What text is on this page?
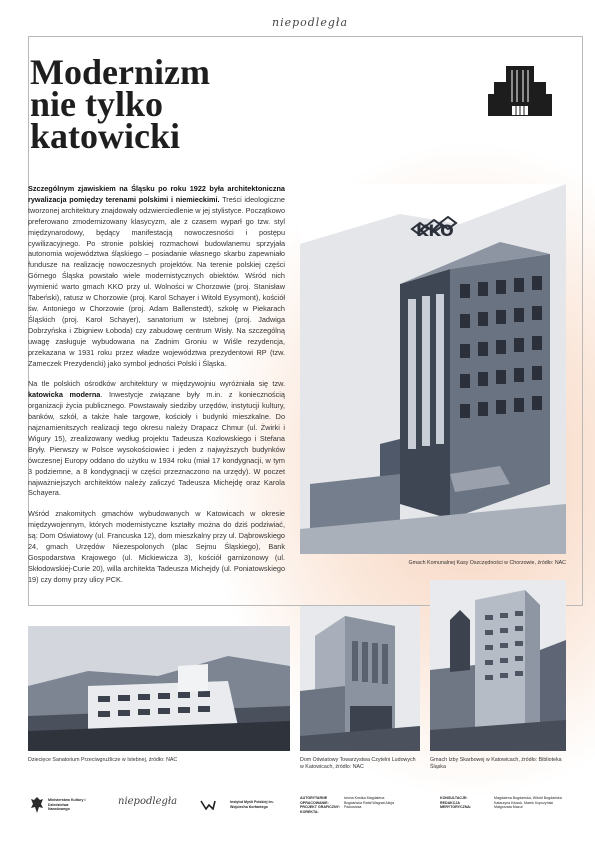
niepodległa
Modernizm
nie tylko
katowicki

Szczególnym zjawiskiem na Śląsku po roku 1922 była architektoniczna rywalizacja pomiędzy terenami polskimi i niemieckimi. Treści ideologiczne tworzonej architektury znajdowały odzwierciedlenie w jej stylistyce. Początkowo preferowano zmodernizowany klasycyzm, ale z czasem wyparł go tzw. styl międzynarodowy, będący manifestacją nowoczesności i postępu cywilizacyjnego. Po stronie polskiej rozmachowi budowlanemu sprzyjała autonomia województwa śląskiego – posiadanie własnego skarbu zapewniało fundusze na realizację nowoczesnych projektów. Na terenie polskiej części Górnego Śląska powstało wiele modernistycznych obiektów. Wśród nich wymienić warto gmach KKO przy ul. Wolności w Chorzowie (proj. Stanisław Tabeński), ratusz w Chorzowie (proj. Karol Schayer i Witold Eysymont), kościół św. Antoniego w Chorzowie (proj. Adam Ballenstedt), szkołę w Piekarach Śląskich (proj. Karol Schayer), sanatorium w Istebnej (proj. Jadwiga Dobrzyńska i Zbigniew Łoboda) czy zabudowę centrum Wisły. Na szczególną uwagę zasługuje wybudowana na Zadnim Groniu w Wiśle rezydencja, przekazana w 1931 roku przez władze województwa prezydentowi RP (tzw. Zameczek Prezydencki) jako symbol jedności Polski i Śląska.

Na tle polskich ośrodków architektury w międzywojniu wyróżniała się tzw. katowicka moderna. Inwestycje związane były m.in. z koniecznością organizacji życia publicznego. Powstawały siedziby urzędów, instytucji kultury, banków, szkół, a także hale targowe, kościoły i budynki mieszkalne. Do najznamienitszych realizacji tego okresu należy Drapacz Chmur (ul. Żwirki i Wigury 15), zrealizowany według projektu Tadeusza Kozłowskiego i Stefana Bryły. Pierwszy w Polsce wysokościowiec i jeden z najwyższych budynków ówczesnej Europy oddano do użytku w 1934 roku (miał 17 kondygnacji, w tym 3 podziemne, a 8 kondygnacji w części przeznaczono na urzędy). W poczet najważniejszych architektów należy zaliczyć Tadeusza Michejdę oraz Karola Schayera.

Wśród znakomitych gmachów wybudowanych w Katowicach w okresie międzywojennym, których modernistyczne kształty można do dziś podziwiać, są: Dom Oświatowy (ul. Francuska 12), dom mieszkalny przy ul. Dąbrowskiego 24, gmach Urzędów Niezespolonych (plac Sejmu Śląskiego), Bank Gospodarstwa Krajowego (ul. Mickiewicza 3), kościół garnizonowy (ul. Skłodowskiej-Curie 20), willa architekta Tadeusza Michejdy (ul. Poniatowskiego 19) czy domy przy ulicy PCK.

KKO
Gmach Komunalnej Kasy Oszczędności w Chorzowie, źródło: NAC
Dziecięce Sanatorium Przeciwgruźlicze w Istebnej, źródło: NAC	Dom Oświatowy Towarzystwa Czytelni Ludowych w Katowicach, źródło: NAC
Gmach Izby Skarbowej w Katowicach, źródło: Biblioteka Śląska
Ministerstwo Kultury i Dziedzictwa Narodowego
niepodległa	Instytut Myśli Polskiej im. Wojciecha Korfantego
AUTORYTARNE OPRACOWANIE: PROJEKT GRAFICZNY: KOREKTA:
Iwona Kostka Magdalena Bogdańska Rafał Wagnat Alicja Padowicka
KONSULTACJE: REDAKCJA MERYTORYCZNA:
Magdalena Bogdańska, Witold Bogdańska Katarzyna Kłosok, Marek Kopczyński Małgorzata Mazur
